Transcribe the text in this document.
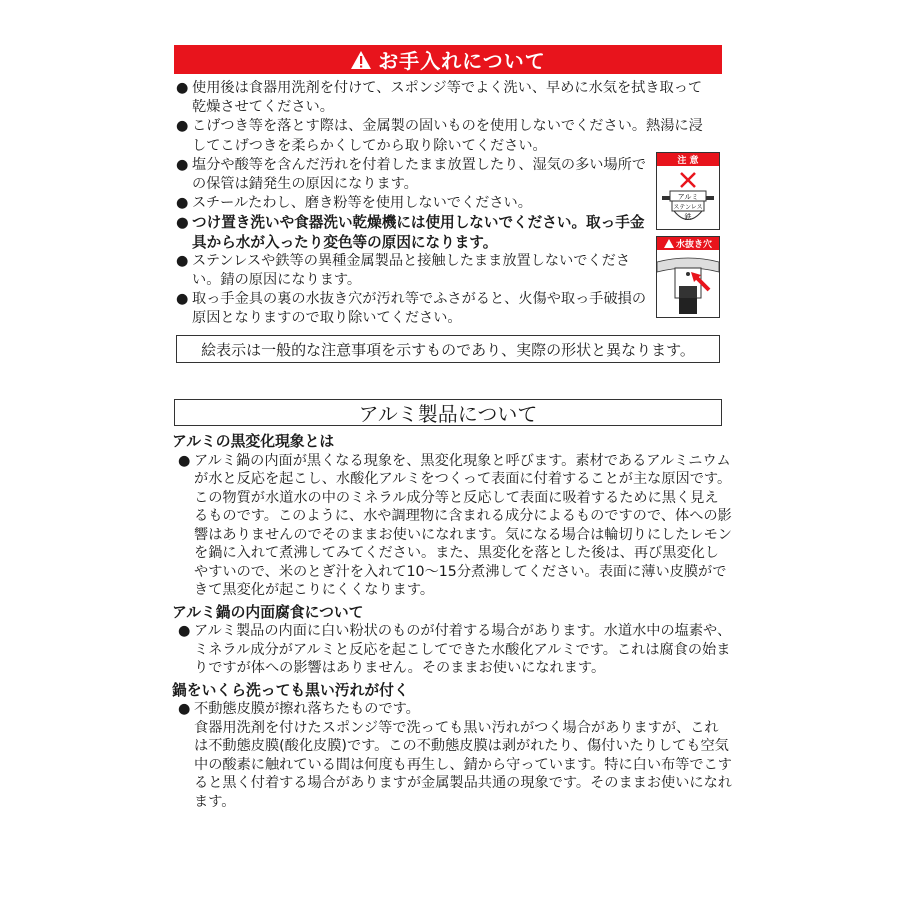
お手入れについて
● 使用後は食器用洗剤を付けて、スポンジ等でよく洗い、早めに水気を拭き取って乾燥させてください。
● こげつき等を落とす際は、金属製の固いものを使用しないでください。熱湯に浸してこげつきを柔らかくしてから取り除いてください。
● 塩分や酸等を含んだ汚れを付着したまま放置したり、湿気の多い場所での保管は錆発生の原因になります。
● スチールたわし、磨き粉等を使用しないでください。
● つけ置き洗いや食器洗い乾燥機には使用しないでください。取っ手金具から水が入ったり変色等の原因になります。
● ステンレスや鉄等の異種金属製品と接触したまま放置しないでください。錆の原因になります。
● 取っ手金具の裏の水抜き穴が汚れ等でふさがると、火傷や取っ手破損の原因となりますので取り除いてください。
注 意
アルミ
ステンレス
鉄
水抜き穴
絵表示は一般的な注意事項を示すものであり、実際の形状と異なります。
アルミ製品について
アルミの黒変化現象とは
● アルミ鍋の内面が黒くなる現象を、黒変化現象と呼びます。素材であるアルミニウムが水と反応を起こし、水酸化アルミをつくって表面に付着することが主な原因です。この物質が水道水の中のミネラル成分等と反応して表面に吸着するために黒く見えるものです。このように、水や調理物に含まれる成分によるものですので、体への影響はありませんのでそのままお使いになれます。気になる場合は輪切りにしたレモンを鍋に入れて煮沸してみてください。また、黒変化を落とした後は、再び黒変化しやすいので、米のとぎ汁を入れて10～15分煮沸してください。表面に薄い皮膜ができて黒変化が起こりにくくなります。
アルミ鍋の内面腐食について
● アルミ製品の内面に白い粉状のものが付着する場合があります。水道水中の塩素や、ミネラル成分がアルミと反応を起こしてできた水酸化アルミです。これは腐食の始まりですが体への影響はありません。そのままお使いになれます。
鍋をいくら洗っても黒い汚れが付く
● 不動態皮膜が擦れ落ちたものです。
食器用洗剤を付けたスポンジ等で洗っても黒い汚れがつく場合がありますが、これは不動態皮膜(酸化皮膜)です。この不動態皮膜は剥がれたり、傷付いたりしても空気中の酸素に触れている間は何度も再生し、錆から守っています。特に白い布等でこすると黒く付着する場合がありますが金属製品共通の現象です。そのままお使いになれます。
